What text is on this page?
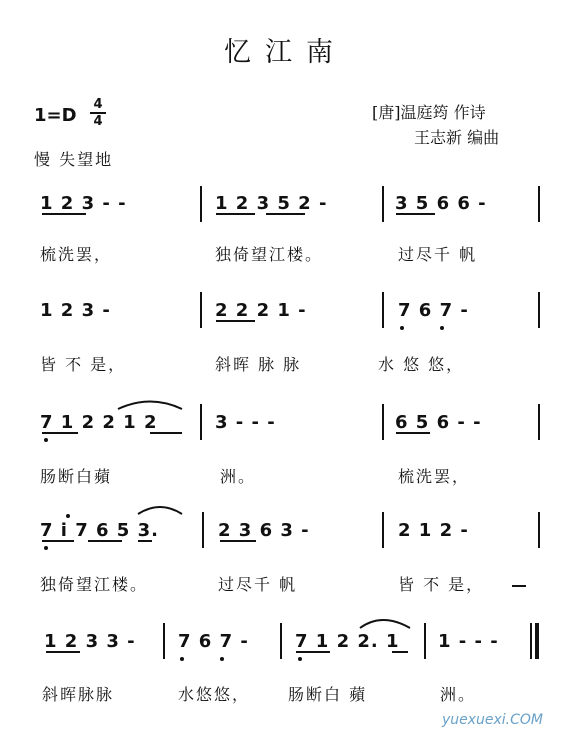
忆江南
1=D
4
4	[唐]温庭筠 作诗
王志新 编曲
慢 失望地
1 2 3 - -	1 2 3 5 2 -	3 5 6 6 -
梳洗罢，	独倚望江楼。	过尽千 帆
1 2 3 -	2 2 2 1 -	7 6 7 -
皆 不 是，	斜晖 脉 脉	水 悠 悠，
7 1 2 2 1 2	3 - - -	6 5 6 - -
肠断白蘋	洲。	梳洗罢，
7 i 7 6 5 3.	2 3 6 3 -	2 1 2 -
独倚望江楼。	过尽千 帆	皆 不 是，
1 2 3 3 - 7 6 7 -	7 1 2 2. 1 1 - - -
斜晖脉脉	水悠悠， 肠断白 蘋	洲。
yuexuexi.COM
